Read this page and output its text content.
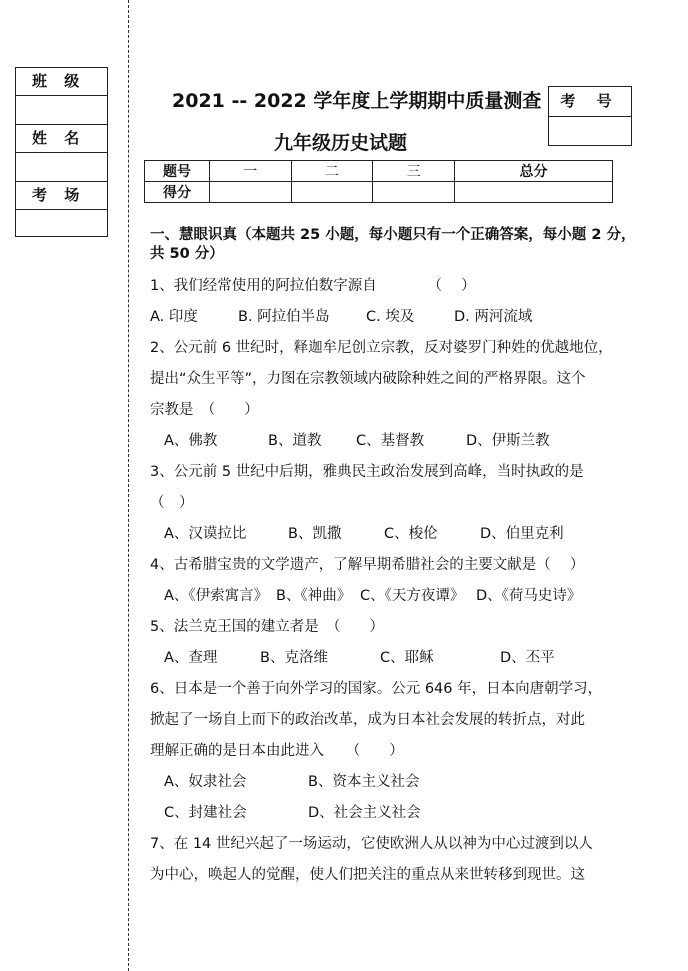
班 级
姓 名
考 场
2021 -- 2022 学年度上学期期中质量测查
九年级历史试题
考 号
题号	一	二	三	总分
得分				
一、慧眼识真（本题共 25 小题，每小题只有一个正确答案，每小题 2 分，共 50 分）
1、我们经常使用的阿拉伯数字源自　　　　（　 ）
A. 印度	B. 阿拉伯半岛	C. 埃及	D. 两河流域
2、公元前 6 世纪时，释迦牟尼创立宗教，反对婆罗门种姓的优越地位，
提出“众生平等”，力图在宗教领域内破除种姓之间的严格界限。这个
宗教是　（　　）
A、佛教	B、道教 C、基督教	D、伊斯兰教
3、公元前 5 世纪中后期，雅典民主政治发展到高峰，当时执政的是
（　）
A、汉谟拉比	B、凯撒	C、梭伦	D、伯里克利
4、古希腊宝贵的文学遗产，了解早期希腊社会的主要文献是（　 ）
A、《伊索寓言》 B、《神曲》 C、《天方夜谭》 D、《荷马史诗》
5、法兰克王国的建立者是　（　　）
A、查理	B、克洛维	C、耶稣	D、丕平
6、日本是一个善于向外学习的国家。公元 646 年，日本向唐朝学习，
掀起了一场自上而下的政治改革，成为日本社会发展的转折点，对此
理解正确的是日本由此进入　　（　　）
A、奴隶社会	B、资本主义社会
C、封建社会	D、社会主义社会
7、在 14 世纪兴起了一场运动，它使欧洲人从以神为中心过渡到以人
为中心，唤起人的觉醒，使人们把关注的重点从来世转移到现世。这
